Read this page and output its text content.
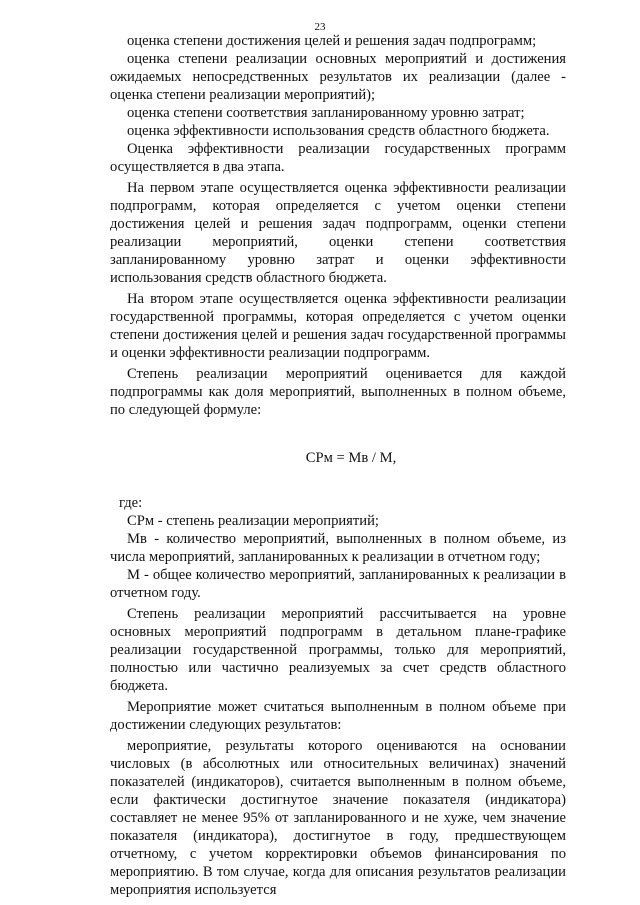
23

оценка степени достижения целей и решения задач подпрограмм;

оценка степени реализации основных мероприятий и достижения ожидаемых непосредственных результатов их реализации (далее - оценка степени реализации мероприятий);

оценка степени соответствия запланированному уровню затрат;

оценка эффективности использования средств областного бюджета.

Оценка эффективности реализации государственных программ осуществляется в два этапа.

На первом этапе осуществляется оценка эффективности реализации подпрограмм, которая определяется с учетом оценки степени достижения целей и решения задач подпрограмм, оценки степени реализации мероприятий, оценки степени соответствия запланированному уровню затрат и оценки эффективности использования средств областного бюджета.

На втором этапе осуществляется оценка эффективности реализации государственной программы, которая определяется с учетом оценки степени достижения целей и решения задач государственной программы и оценки эффективности реализации подпрограмм.

Степень реализации мероприятий оценивается для каждой подпрограммы как доля мероприятий, выполненных в полном объеме, по следующей формуле:

СРм = Мв / М,

где:

СРм - степень реализации мероприятий;

Мв - количество мероприятий, выполненных в полном объеме, из числа мероприятий, запланированных к реализации в отчетном году;

М - общее количество мероприятий, запланированных к реализации в отчетном году.

Степень реализации мероприятий рассчитывается на уровне основных мероприятий подпрограмм в детальном плане-графике реализации государственной программы, только для мероприятий, полностью или частично реализуемых за счет средств областного бюджета.

Мероприятие может считаться выполненным в полном объеме при достижении следующих результатов:

мероприятие, результаты которого оцениваются на основании числовых (в абсолютных или относительных величинах) значений показателей (индикаторов), считается выполненным в полном объеме, если фактически достигнутое значение показателя (индикатора) составляет не менее 95% от запланированного и не хуже, чем значение показателя (индикатора), достигнутое в году, предшествующем отчетному, с учетом корректировки объемов финансирования по мероприятию. В том случае, когда для описания результатов реализации мероприятия используется
